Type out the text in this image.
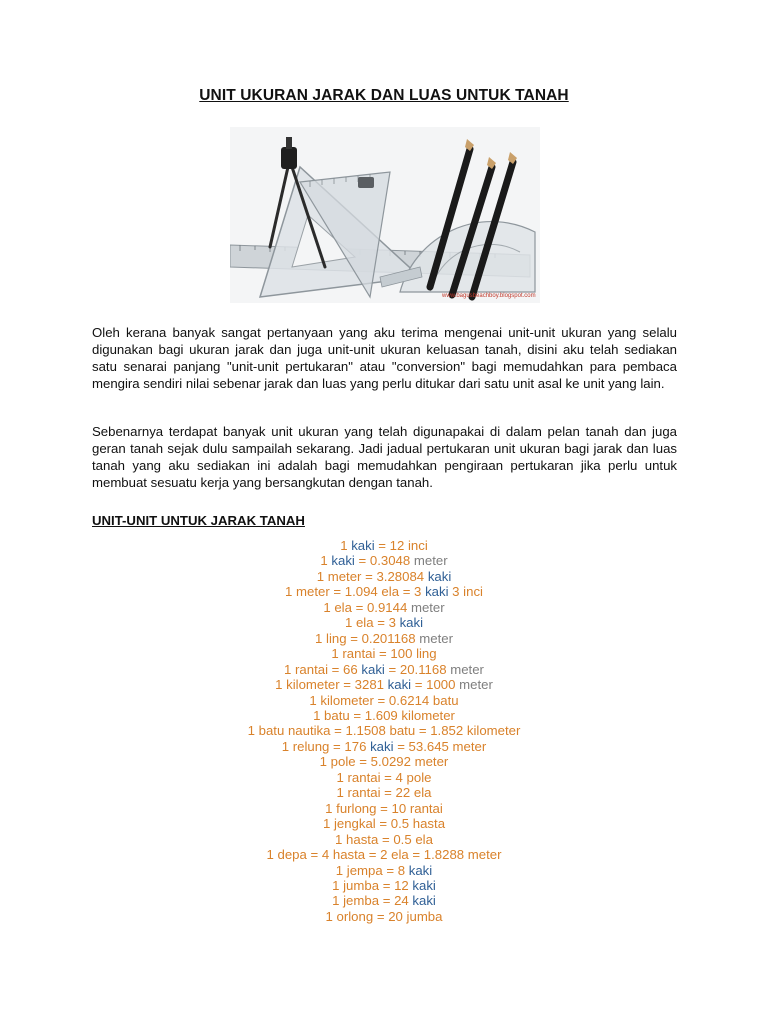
UNIT UKURAN JARAK DAN LUAS UNTUK TANAH
www.bagusbeachboy.blogspot.com

Oleh kerana banyak sangat pertanyaan yang aku terima mengenai unit-unit ukuran yang selalu digunakan bagi ukuran jarak dan juga unit-unit ukuran keluasan tanah, disini aku telah sediakan satu senarai panjang "unit-unit pertukaran" atau "conversion" bagi memudahkan para pembaca mengira sendiri nilai sebenar jarak dan luas yang perlu ditukar dari satu unit asal ke unit yang lain.

Sebenarnya terdapat banyak unit ukuran yang telah digunapakai di dalam pelan tanah dan juga geran tanah sejak dulu sampailah sekarang. Jadi jadual pertukaran unit ukuran bagi jarak dan luas tanah yang aku sediakan ini adalah bagi memudahkan pengiraan pertukaran jika perlu untuk membuat sesuatu kerja yang bersangkutan dengan tanah.

UNIT-UNIT UNTUK JARAK TANAH
1 kaki = 12 inci
1 kaki = 0.3048 meter
1 meter = 3.28084 kaki
1 meter = 1.094 ela = 3 kaki 3 inci
1 ela = 0.9144 meter
1 ela = 3 kaki
1 ling = 0.201168 meter
1 rantai = 100 ling
1 rantai = 66 kaki = 20.1168 meter
1 kilometer = 3281 kaki = 1000 meter
1 kilometer = 0.6214 batu
1 batu = 1.609 kilometer
1 batu nautika = 1.1508 batu = 1.852 kilometer
1 relung = 176 kaki = 53.645 meter
1 pole = 5.0292 meter
1 rantai = 4 pole
1 rantai = 22 ela
1 furlong = 10 rantai
1 jengkal = 0.5 hasta
1 hasta = 0.5 ela
1 depa = 4 hasta = 2 ela = 1.8288 meter
1 jempa = 8 kaki
1 jumba = 12 kaki
1 jemba = 24 kaki
1 orlong = 20 jumba
